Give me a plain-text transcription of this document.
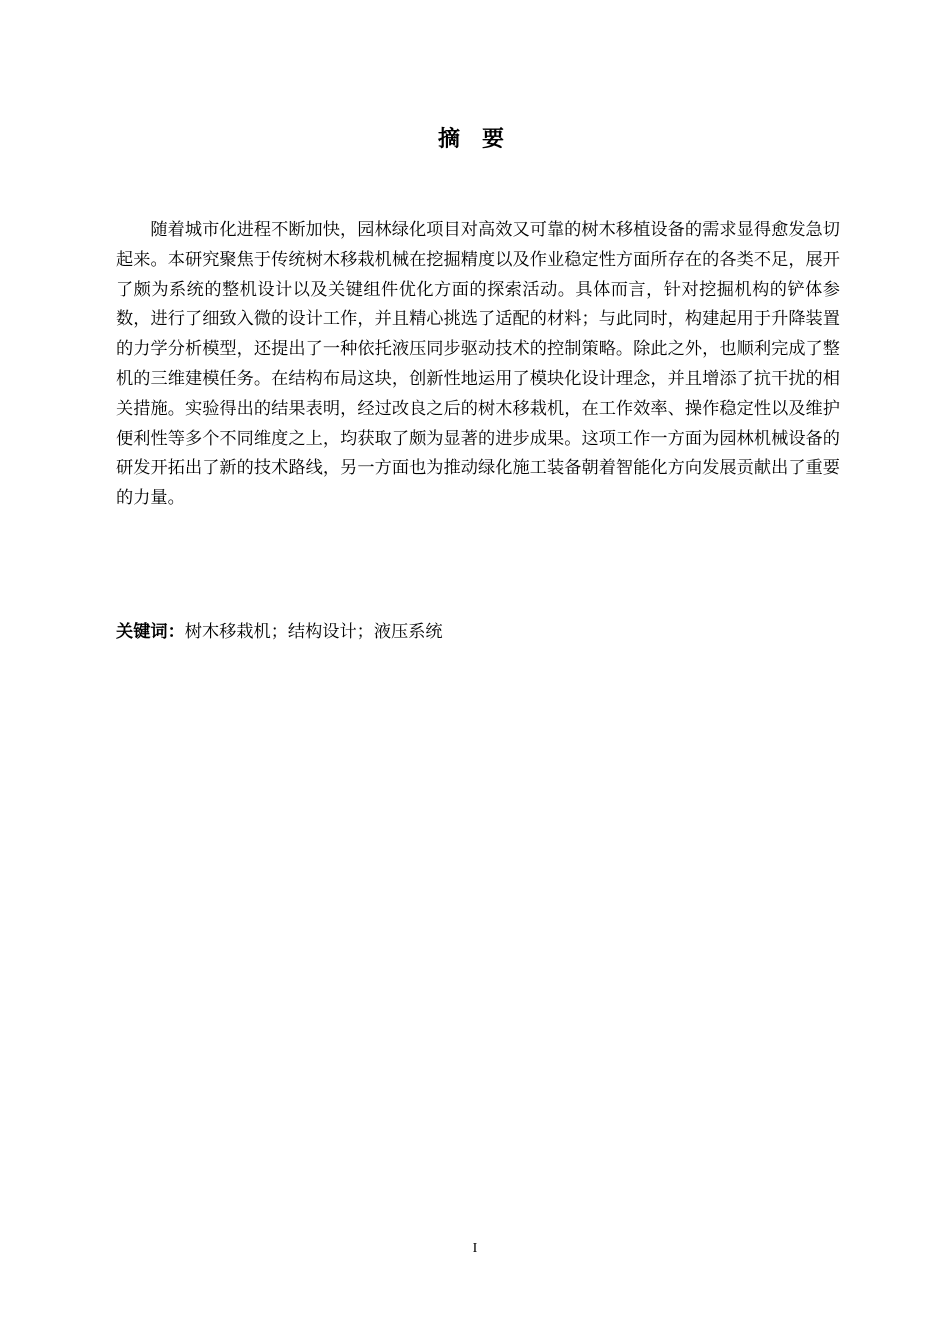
摘要

随着城市化进程不断加快，园林绿化项目对高效又可靠的树木移植设备的需求显得愈发急切起来。本研究聚焦于传统树木移栽机械在挖掘精度以及作业稳定性方面所存在的各类不足，展开了颇为系统的整机设计以及关键组件优化方面的探索活动。具体而言，针对挖掘机构的铲体参数，进行了细致入微的设计工作，并且精心挑选了适配的材料；与此同时，构建起用于升降装置的力学分析模型，还提出了一种依托液压同步驱动技术的控制策略。除此之外，也顺利完成了整机的三维建模任务。在结构布局这块，创新性地运用了模块化设计理念，并且增添了抗干扰的相关措施。实验得出的结果表明，经过改良之后的树木移栽机，在工作效率、操作稳定性以及维护便利性等多个不同维度之上，均获取了颇为显著的进步成果。这项工作一方面为园林机械设备的研发开拓出了新的技术路线，另一方面也为推动绿化施工装备朝着智能化方向发展贡献出了重要的力量。

关键词：树木移栽机；结构设计；液压系统
I
